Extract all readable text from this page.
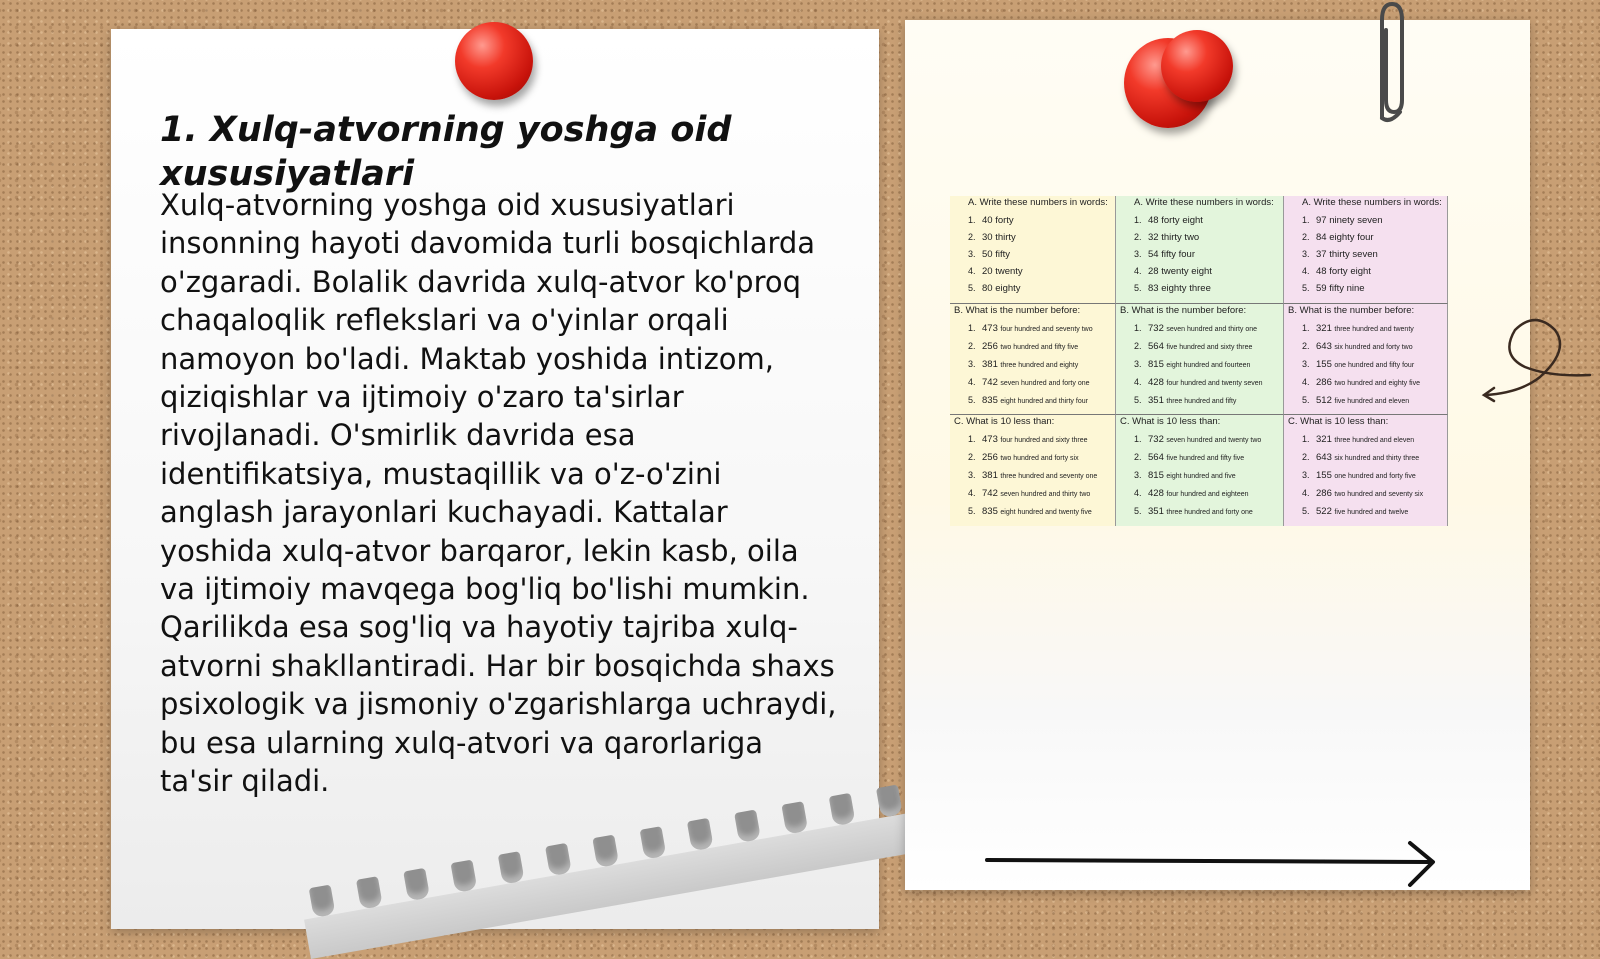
1. Xulq-atvorning yoshga oid xususiyatlari

Xulq-atvorning yoshga oid xususiyatlari insonning hayoti davomida turli bosqichlarda o'zgaradi. Bolalik davrida xulq-atvor ko'proq chaqaloqlik reflekslari va o'yinlar orqali namoyon bo'ladi. Maktab yoshida intizom, qiziqishlar va ijtimoiy o'zaro ta'sirlar rivojlanadi. O'smirlik davrida esa identifikatsiya, mustaqillik va o'z-o'zini anglash jarayonlari kuchayadi. Kattalar yoshida xulq-atvor barqaror, lekin kasb, oila va ijtimoiy mavqega bog'liq bo'lishi mumkin. Qarilikda esa sog'liq va hayotiy tajriba xulq-atvorni shakllantiradi. Har bir bosqichda shaxs psixologik va jismoniy o'zgarishlarga uchraydi, bu esa ularning xulq-atvori va qarorlariga ta'sir qiladi.

A. Write these numbers in words:
1. 40 forty
2. 30 thirty
3. 50 fifty
4. 20 twenty
5. 80 eighty
A. Write these numbers in words:
1. 48 forty eight
2. 32 thirty two
3. 54 fifty four
4. 28 twenty eight
5. 83 eighty three
A. Write these numbers in words:
1. 97 ninety seven
2. 84 eighty four
3. 37 thirty seven
4. 48 forty eight
5. 59 fifty nine
B. What is the number before:
1. 473 four hundred and seventy two
2. 256 two hundred and fifty five
3. 381 three hundred and eighty
4. 742 seven hundred and forty one
5. 835 eight hundred and thirty four
B. What is the number before:
1. 732 seven hundred and thirty one
2. 564 five hundred and sixty three
3. 815 eight hundred and fourteen
4. 428 four hundred and twenty seven
5. 351 three hundred and fifty
B. What is the number before:
1. 321 three hundred and twenty
2. 643 six hundred and forty two
3. 155 one hundred and fifty four
4. 286 two hundred and eighty five
5. 512 five hundred and eleven
C. What is 10 less than:
1. 473 four hundred and sixty three
2. 256 two hundred and forty six
3. 381 three hundred and seventy one
4. 742 seven hundred and thirty two
5. 835 eight hundred and twenty five
C. What is 10 less than:
1. 732 seven hundred and twenty two
2. 564 five hundred and fifty five
3. 815 eight hundred and five
4. 428 four hundred and eighteen
5. 351 three hundred and forty one
C. What is 10 less than:
1. 321 three hundred and eleven
2. 643 six hundred and thirty three
3. 155 one hundred and forty five
4. 286 two hundred and seventy six
5. 522 five hundred and twelve
